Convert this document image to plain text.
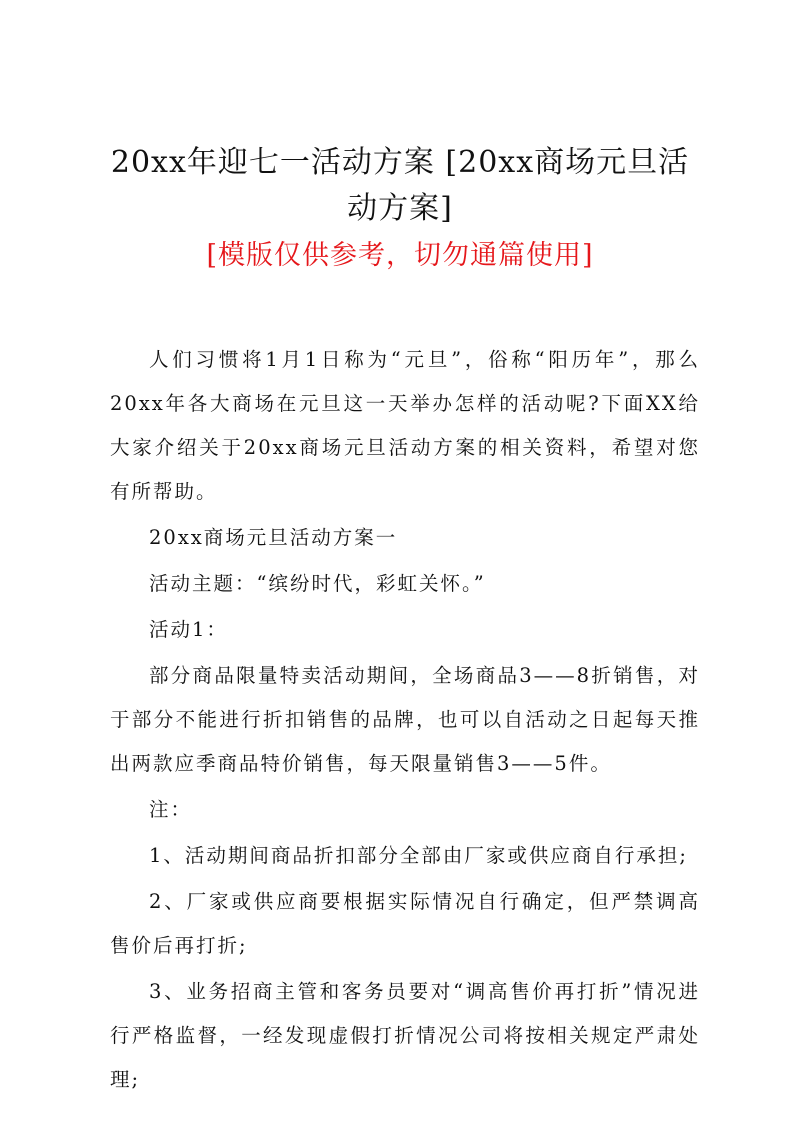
20xx年迎七一活动方案 [20xx商场元旦活动方案]
[模版仅供参考，切勿通篇使用]

人们习惯将1月1日称为“元旦”，俗称“阳历年”，那么20xx年各大商场在元旦这一天举办怎样的活动呢?下面XX给大家介绍关于20xx商场元旦活动方案的相关资料，希望对您有所帮助。

20xx商场元旦活动方案一

活动主题：“缤纷时代，彩虹关怀。”

活动1：

部分商品限量特卖活动期间，全场商品3——8折销售，对于部分不能进行折扣销售的品牌，也可以自活动之日起每天推出两款应季商品特价销售，每天限量销售3——5件。

注：

1、活动期间商品折扣部分全部由厂家或供应商自行承担;

2、厂家或供应商要根据实际情况自行确定，但严禁调高售价后再打折;

3、业务招商主管和客务员要对“调高售价再打折”情况进行严格监督，一经发现虚假打折情况公司将按相关规定严肃处理;
